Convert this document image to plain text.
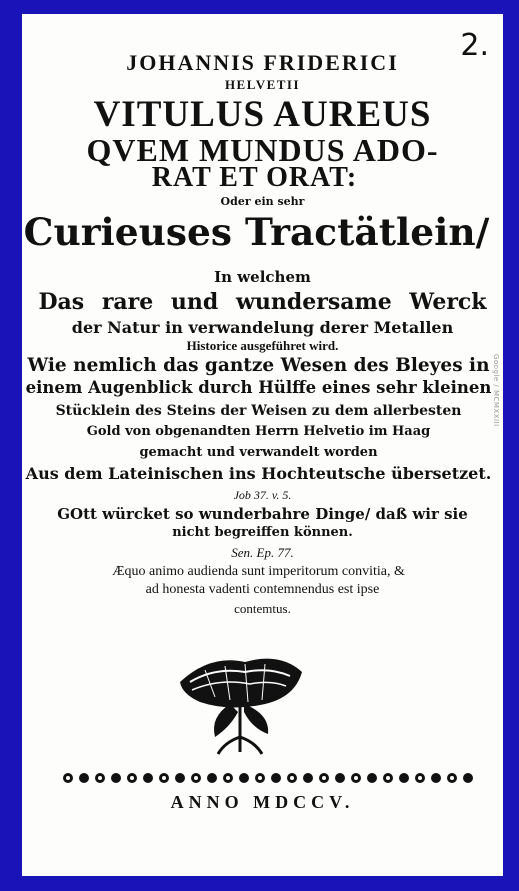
2.
Google / MCMXXIII
JOHANNIS FRIDERICI
HELVETII
VITULUS AUREUS
QVEM MUNDUS ADO-
RAT ET ORAT:
Oder ein sehr
Curieuses Tractätlein/
In welchem
Das rare und wundersame Werck
der Natur in verwandelung derer Metallen
Historice ausgeführet wird.
Wie nemlich das gantze Wesen des Bleyes in
einem Augenblick durch Hülffe eines sehr kleinen
Stücklein des Steins der Weisen zu dem allerbesten
Gold von obgenandten Herrn Helvetio im Haag
gemacht und verwandelt worden
Aus dem Lateinischen ins Hochteutsche übersetzet.
Job 37. v. 5.
GOtt würcket so wunderbahre Dinge/ daß wir sie
nicht begreiffen können.
Sen. Ep. 77.
Æquo animo audienda sunt imperitorum convitia, &
ad honesta vadenti contemnendus est ipse
contemtus.
ANNO MDCCV.
